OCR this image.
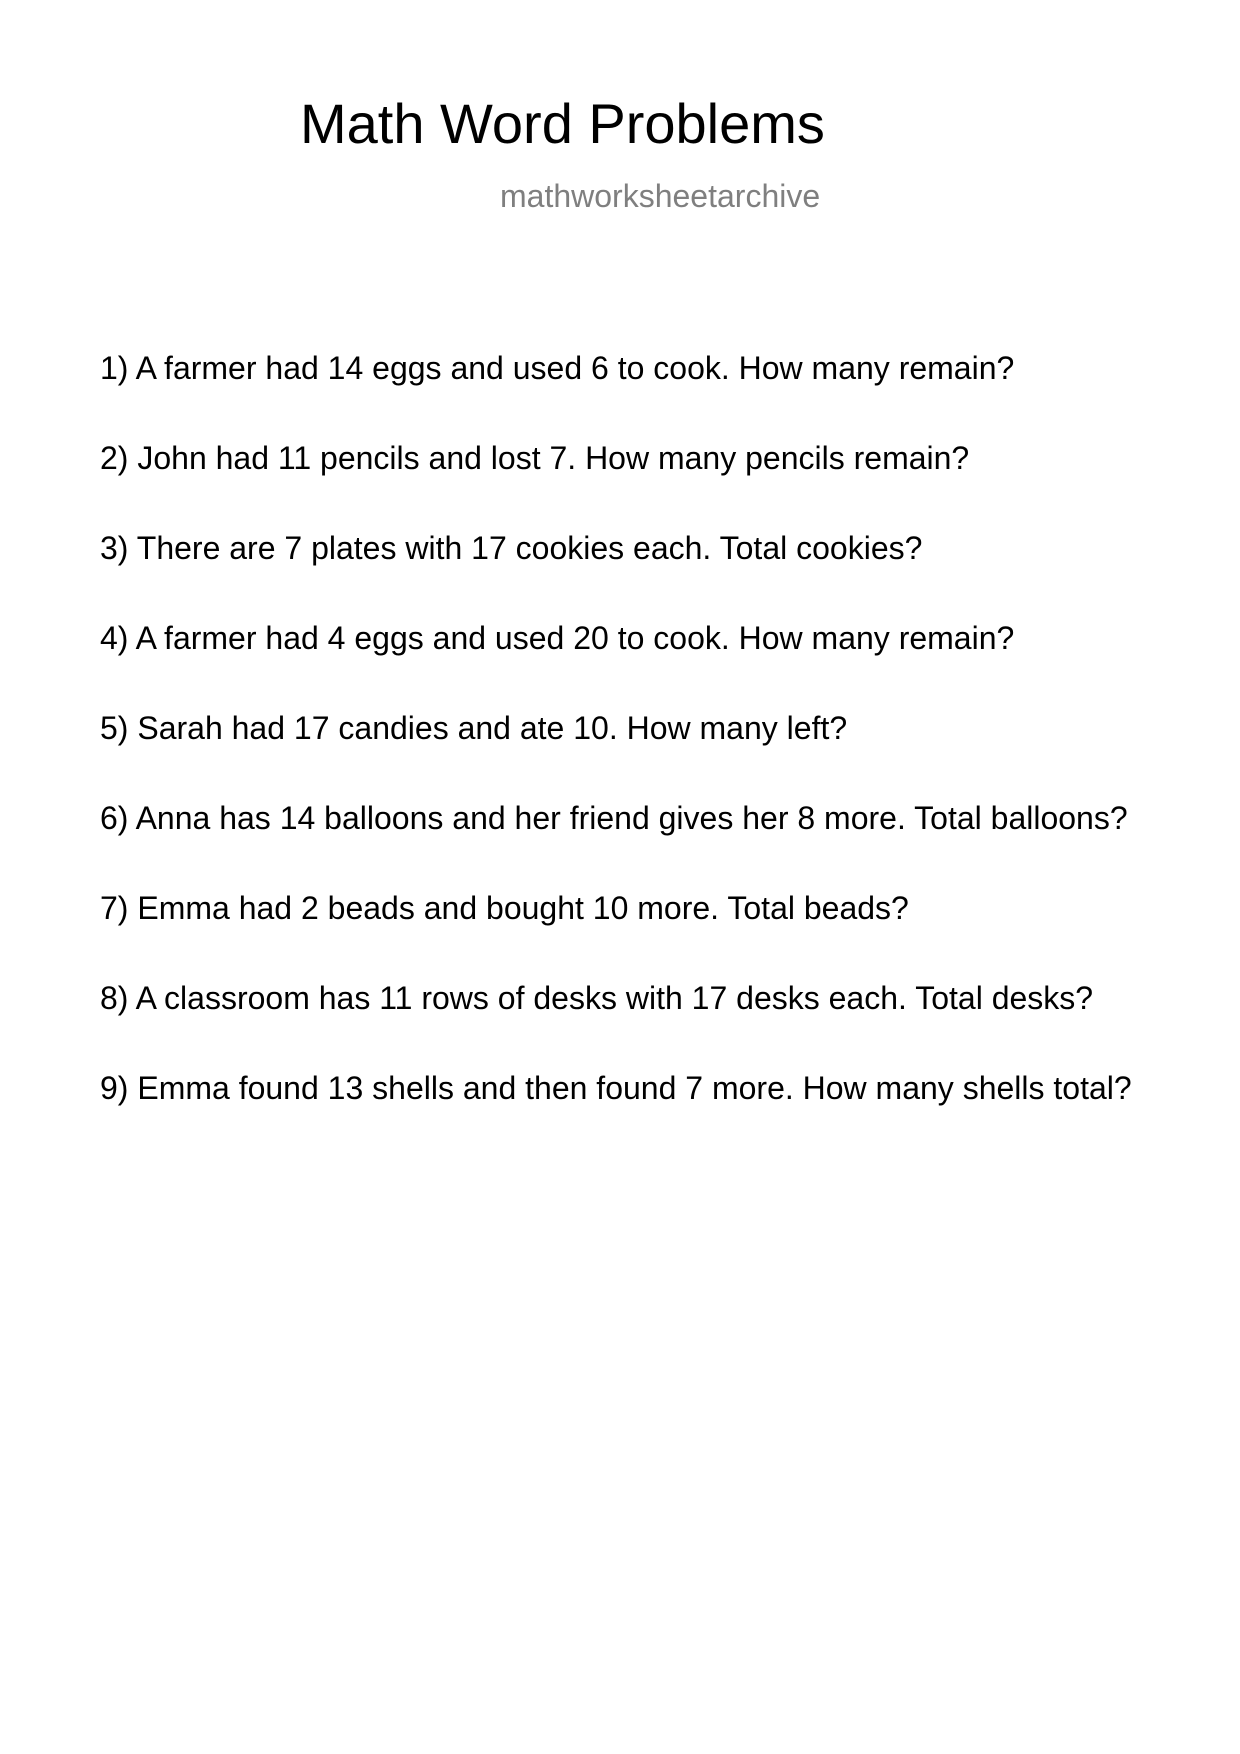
Math Word Problems
mathworksheetarchive
1) A farmer had 14 eggs and used 6 to cook. How many remain?
2) John had 11 pencils and lost 7. How many pencils remain?
3) There are 7 plates with 17 cookies each. Total cookies?
4) A farmer had 4 eggs and used 20 to cook. How many remain?
5) Sarah had 17 candies and ate 10. How many left?
6) Anna has 14 balloons and her friend gives her 8 more. Total balloons?
7) Emma had 2 beads and bought 10 more. Total beads?
8) A classroom has 11 rows of desks with 17 desks each. Total desks?
9) Emma found 13 shells and then found 7 more. How many shells total?
